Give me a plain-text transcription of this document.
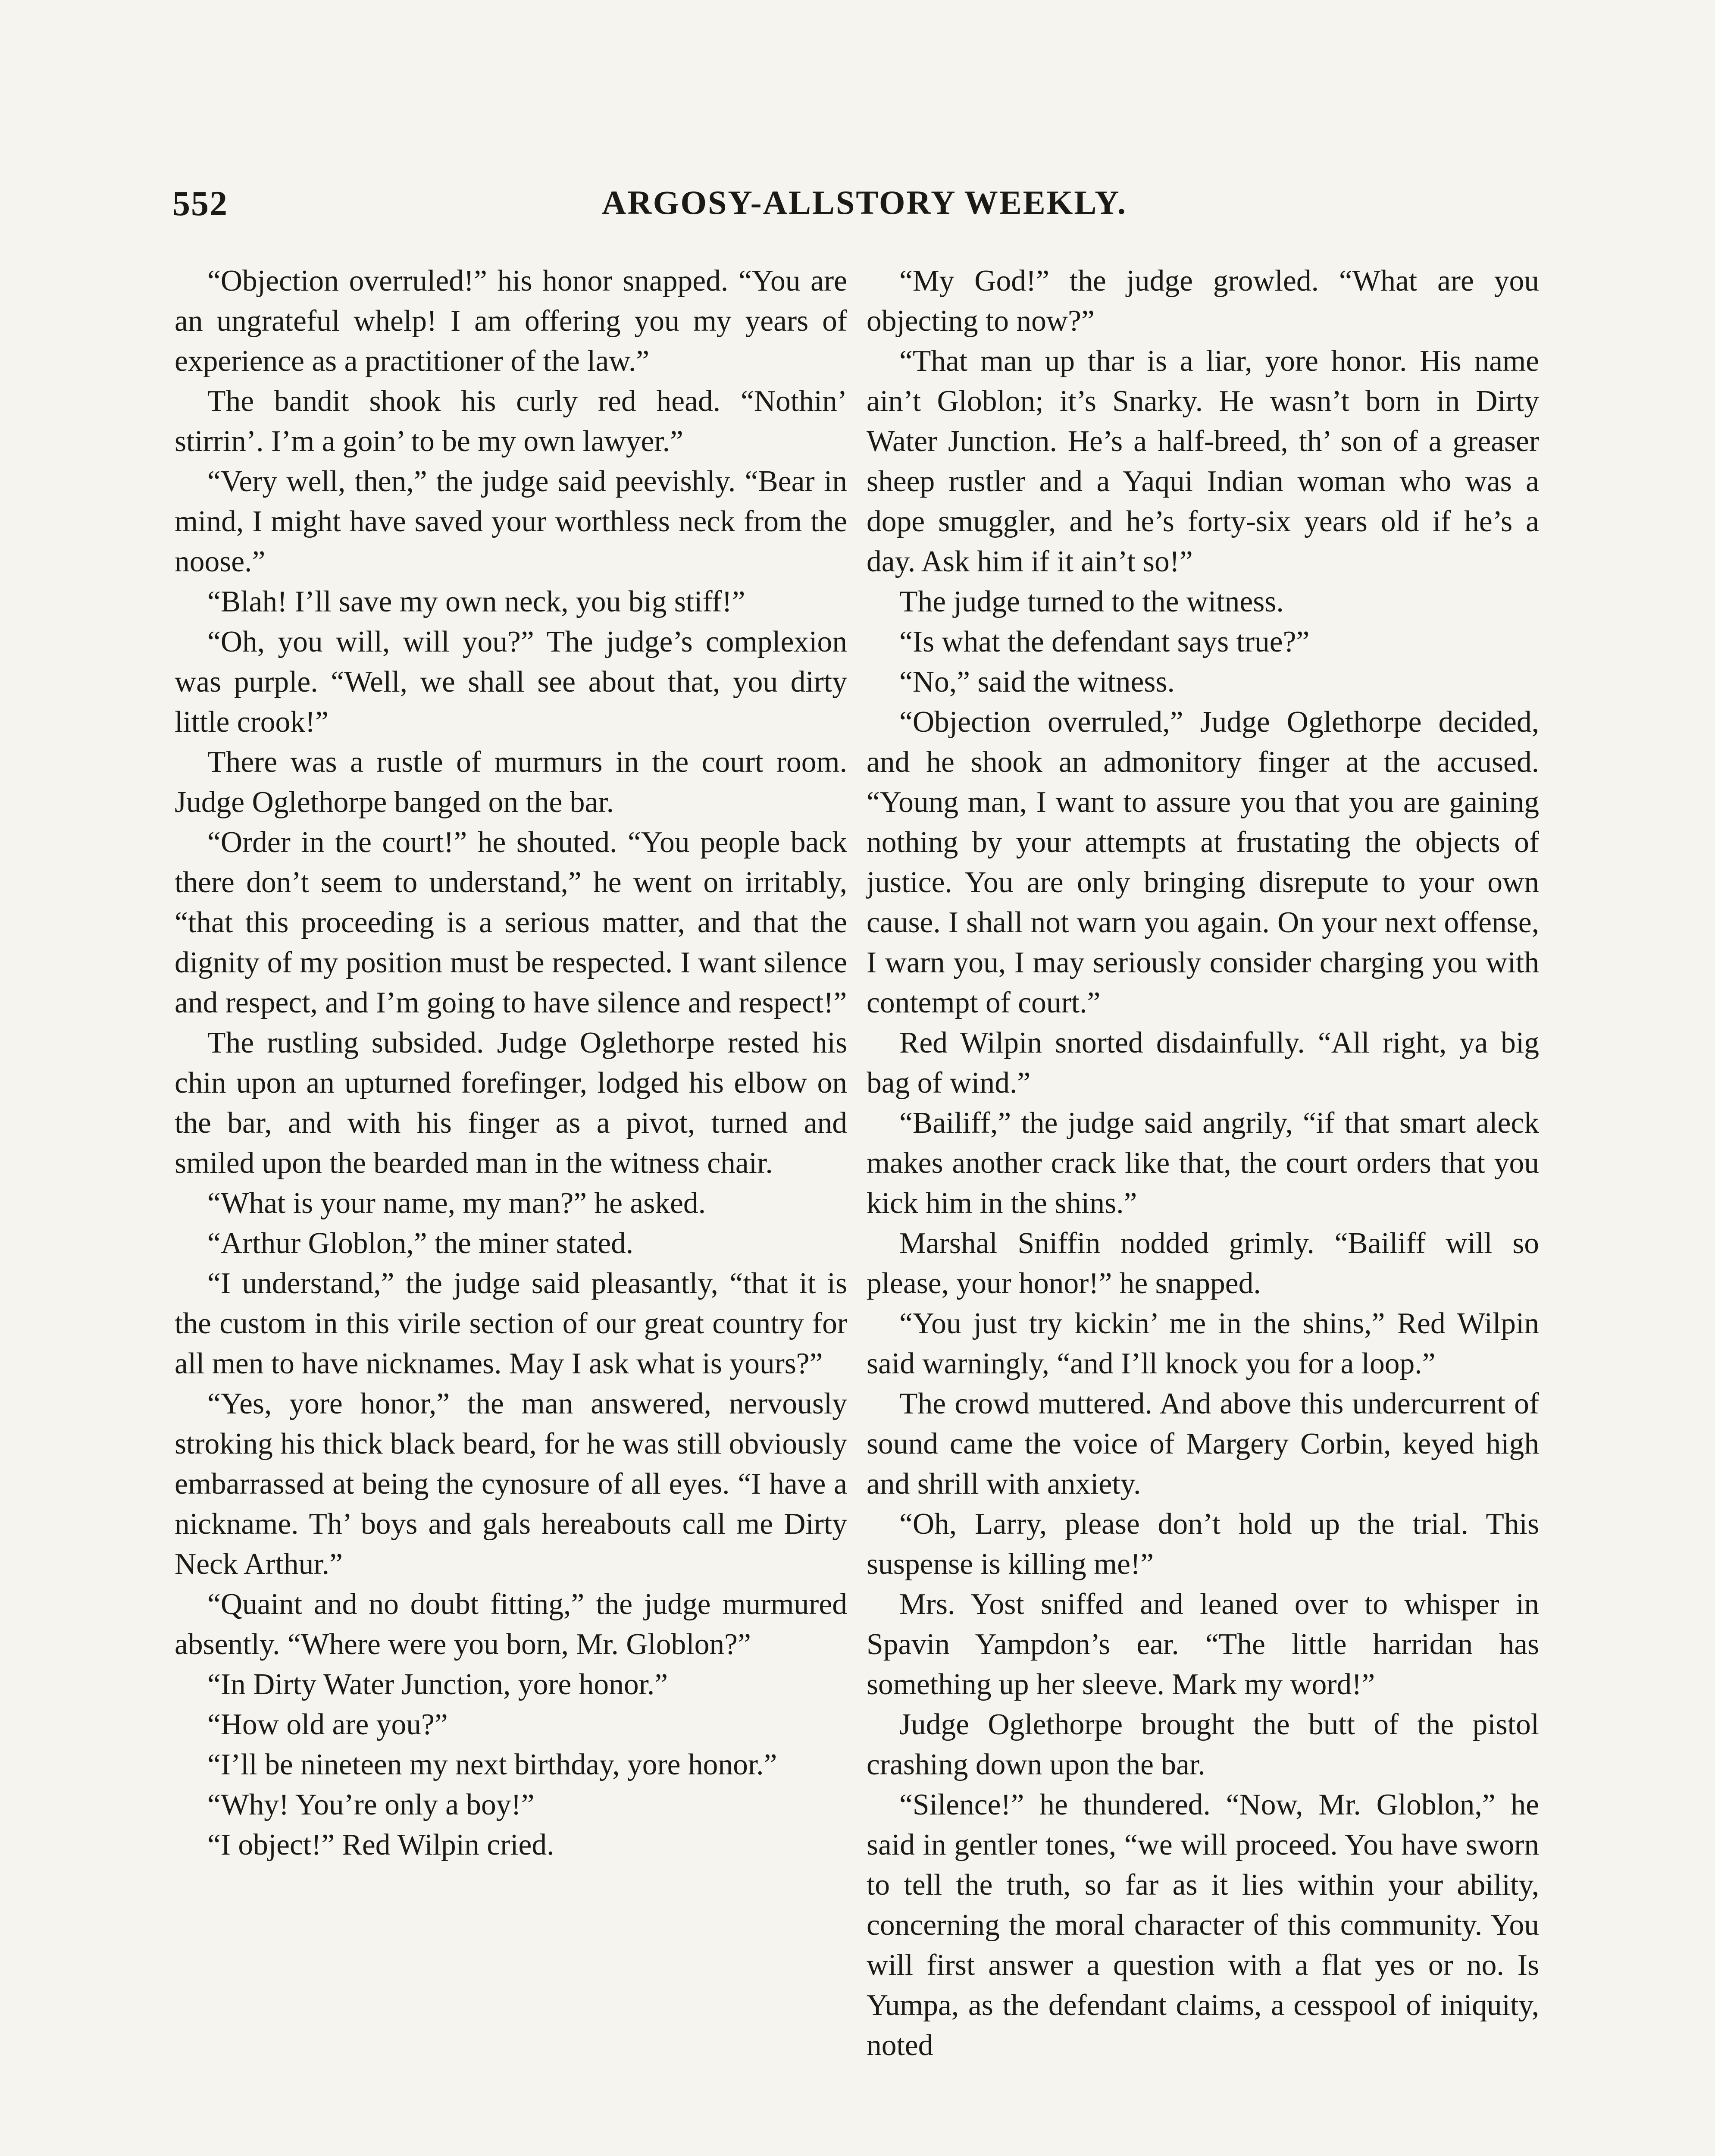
552	ARGOSY-ALLSTORY WEEKLY.

“Objection overruled!” his honor snapped. “You are an ungrateful whelp! I am offering you my years of experience as a practitioner of the law.”

The bandit shook his curly red head. “Nothin’ stirrin’. I’m a goin’ to be my own lawyer.”

“Very well, then,” the judge said peevishly. “Bear in mind, I might have saved your worthless neck from the noose.”

“Blah! I’ll save my own neck, you big stiff!”

“Oh, you will, will you?” The judge’s complexion was purple. “Well, we shall see about that, you dirty little crook!”

There was a rustle of murmurs in the court room. Judge Oglethorpe banged on the bar.

“Order in the court!” he shouted. “You people back there don’t seem to understand,” he went on irritably, “that this proceeding is a serious matter, and that the dignity of my position must be respected. I want silence and respect, and I’m going to have silence and respect!”

The rustling subsided. Judge Oglethorpe rested his chin upon an upturned forefinger, lodged his elbow on the bar, and with his finger as a pivot, turned and smiled upon the bearded man in the witness chair.

“What is your name, my man?” he asked.

“Arthur Globlon,” the miner stated.

“I understand,” the judge said pleasantly, “that it is the custom in this virile section of our great country for all men to have nicknames. May I ask what is yours?”

“Yes, yore honor,” the man answered, nervously stroking his thick black beard, for he was still obviously embarrassed at being the cynosure of all eyes. “I have a nickname. Th’ boys and gals hereabouts call me Dirty Neck Arthur.”

“Quaint and no doubt fitting,” the judge murmured absently. “Where were you born, Mr. Globlon?”

“In Dirty Water Junction, yore honor.”

“How old are you?”

“I’ll be nineteen my next birthday, yore honor.”

“Why! You’re only a boy!”

“I object!” Red Wilpin cried.

“My God!” the judge growled. “What are you objecting to now?”

“That man up thar is a liar, yore honor. His name ain’t Globlon; it’s Snarky. He wasn’t born in Dirty Water Junction. He’s a half-breed, th’ son of a greaser sheep rustler and a Yaqui Indian woman who was a dope smuggler, and he’s forty-six years old if he’s a day. Ask him if it ain’t so!”

The judge turned to the witness.

“Is what the defendant says true?”

“No,” said the witness.

“Objection overruled,” Judge Oglethorpe decided, and he shook an admonitory finger at the accused. “Young man, I want to assure you that you are gaining nothing by your attempts at frustating the objects of justice. You are only bringing disrepute to your own cause. I shall not warn you again. On your next offense, I warn you, I may seriously consider charging you with contempt of court.”

Red Wilpin snorted disdainfully. “All right, ya big bag of wind.”

“Bailiff,” the judge said angrily, “if that smart aleck makes another crack like that, the court orders that you kick him in the shins.”

Marshal Sniffin nodded grimly. “Bailiff will so please, your honor!” he snapped.

“You just try kickin’ me in the shins,” Red Wilpin said warningly, “and I’ll knock you for a loop.”

The crowd muttered. And above this undercurrent of sound came the voice of Margery Corbin, keyed high and shrill with anxiety.

“Oh, Larry, please don’t hold up the trial. This suspense is killing me!”

Mrs. Yost sniffed and leaned over to whisper in Spavin Yampdon’s ear. “The little harridan has something up her sleeve. Mark my word!”

Judge Oglethorpe brought the butt of the pistol crashing down upon the bar.

“Silence!” he thundered. “Now, Mr. Globlon,” he said in gentler tones, “we will proceed. You have sworn to tell the truth, so far as it lies within your ability, concerning the moral character of this community. You will first answer a question with a flat yes or no. Is Yumpa, as the defendant claims, a cesspool of iniquity, noted
